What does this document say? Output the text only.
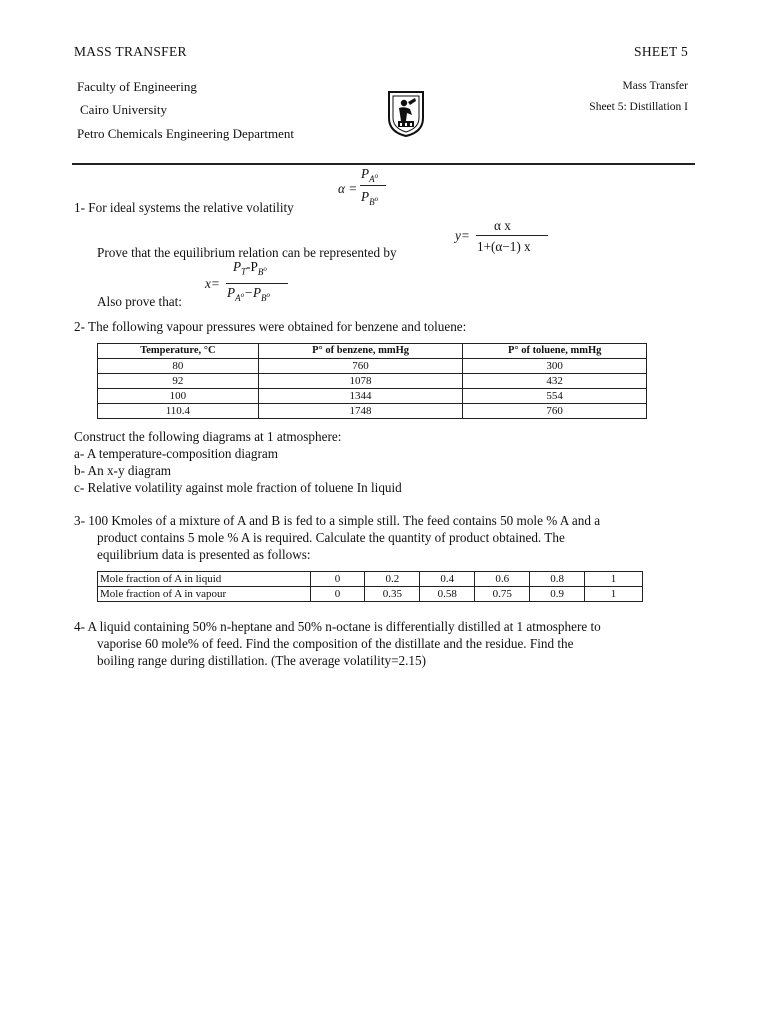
MASS TRANSFER	SHEET 5
Faculty of Engineering
Cairo University
Petro Chemicals Engineering Department
Mass Transfer
Sheet 5: Distillation I
α =
$P_{A^o}$
$P_{B^o}$
1- For ideal systems the relative volatility
y=
α x
1+(α−1) x
Prove that the equilibrium relation can be represented by
x=
$P_T-P_{B^o}$
$P_{A^o}-P_{B^o}$
Also prove that:
2- The following vapour pressures were obtained for benzene and toluene:
Temperature, °C	P° of benzene, mmHg	P° of toluene, mmHg
80	760	300
92	1078	432
100	1344	554
110.4	1748	760
Construct the following diagrams at 1 atmosphere:
a- A temperature-composition diagram
b- An x-y diagram
c- Relative volatility against mole fraction of toluene In liquid
3- 100 Kmoles of a mixture of A and B is fed to a simple still. The feed contains 50 mole % A and a
product contains 5 mole % A is required. Calculate the quantity of product obtained. The
equilibrium data is presented as follows:
Mole fraction of A in liquid	0	0.2	0.4	0.6	0.8	1
Mole fraction of A in vapour	0	0.35	0.58	0.75	0.9	1
4- A liquid containing 50% n-heptane and 50% n-octane is differentially distilled at 1 atmosphere to
vaporise 60 mole% of feed. Find the composition of the distillate and the residue. Find the
boiling range during distillation. (The average volatility=2.15)
